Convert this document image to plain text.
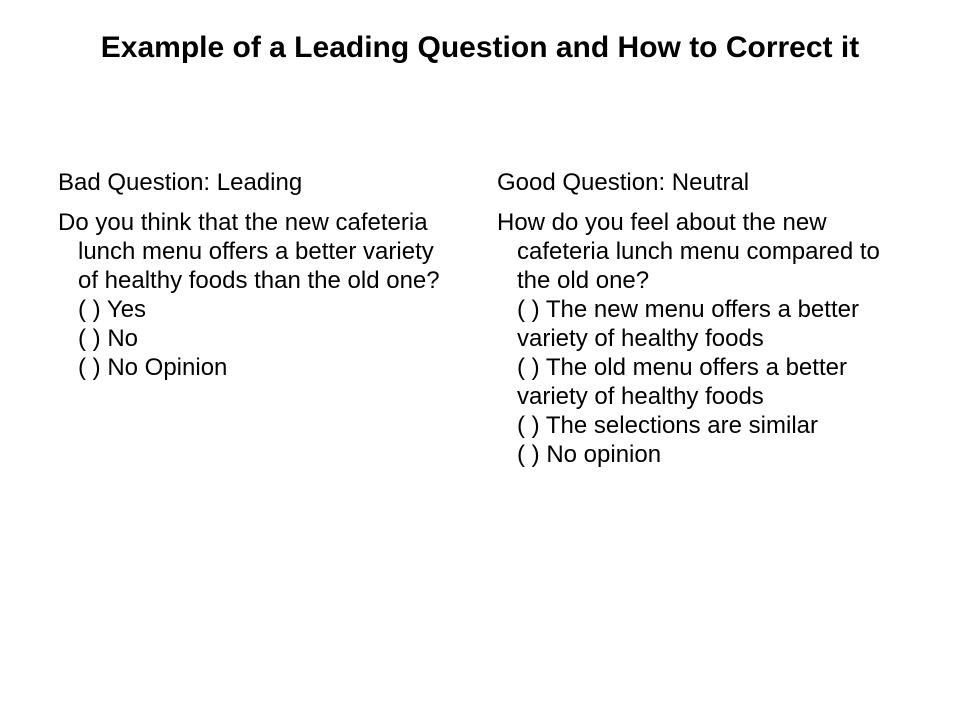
Example of a Leading Question and How to Correct it
Bad Question: Leading

Do you think that the new cafeteria lunch menu offers a better variety of healthy foods than the old one?

( ) Yes
( ) No
( ) No Opinion
Good Question: Neutral

How do you feel about the new cafeteria lunch menu compared to the old one?

( ) The new menu offers a better variety of healthy foods
( ) The old menu offers a better variety of healthy foods
( ) The selections are similar
( ) No opinion
